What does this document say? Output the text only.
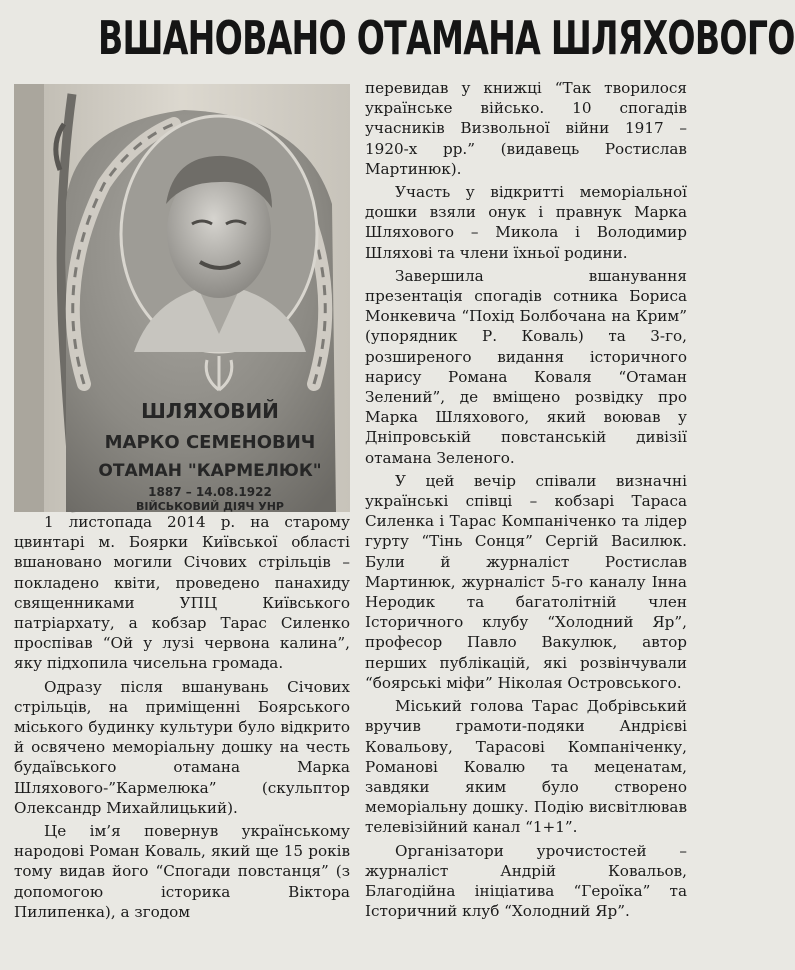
ВШАНОВАНО ОТАМАНА ШЛЯХОВОГО
ШЛЯХОВИЙ
МАРКО СЕМЕНОВИЧ
ОТАМАН "КАРМЕЛЮК"
1887 – 14.08.1922
ВІЙСЬКОВИЙ ДІЯЧ УНР

1 листопада 2014 р. на старому цвинтарі м. Боярки Київської області вшановано могили Січових стрільців – покладено квіти, проведено панахиду священниками УПЦ Київського патріархату, а кобзар Тарас Силенко проспівав “Ой у лузі червона калина”, яку підхопила чисельна громада.

Одразу після вшанувань Січових стрільців, на приміщенні Боярського міського будинку культури було відкрито й освячено меморіальну дошку на честь будаївського отамана Марка Шляхового-”Кармелюка” (скульптор Олександр Михайлицький).

Це ім’я повернув українському народові Роман Коваль, який ще 15 років тому видав його “Спогади повстанця” (з допомогою історика Віктора Пилипенка), а згодом

перевидав у книжці “Так творилося українське військо. 10 спогадів учасників Визвольної війни 1917 – 1920-х рр.” (видавець Ростислав Мартинюк).

Участь у відкритті меморіальної дошки взяли онук і правнук Марка Шляхового – Микола і Володимир Шляхові та члени їхньої родини.

Завершила вшанування презентація спогадів сотника Бориса Монкевича “Похід Болбочана на Крим” (упорядник Р. Коваль) та 3-го, розширеного видання історичного нарису Романа Коваля “Отаман Зелений”, де вміщено розвідку про Марка Шляхового, який воював у Дніпровській повстанській дивізії отамана Зеленого.

У цей вечір співали визначні українські співці – кобзарі Тараса Силенка і Тарас Компаніченко та лідер гурту “Тінь Сонця” Сергій Василюк. Були й журналіст Ростислав Мартинюк, журналіст 5-го каналу Інна Неродик та багатолітній член Історичного клубу “Холодний Яр”, професор Павло Вакулюк, автор перших публікацій, які розвінчували “боярські міфи” Ніколая Островського.

Міський голова Тарас Добрівський вручив грамоти-подяки Андрієві Ковальову, Тарасові Компаніченку, Романові Ковалю та меценатам, завдяки яким було створено меморіальну дошку. Подію висвітлював телевізійний канал “1+1”.

Організатори урочистостей – журналіст Андрій Ковальов, Благодійна ініціатива “Героїка” та Історичний клуб “Холодний Яр”.
